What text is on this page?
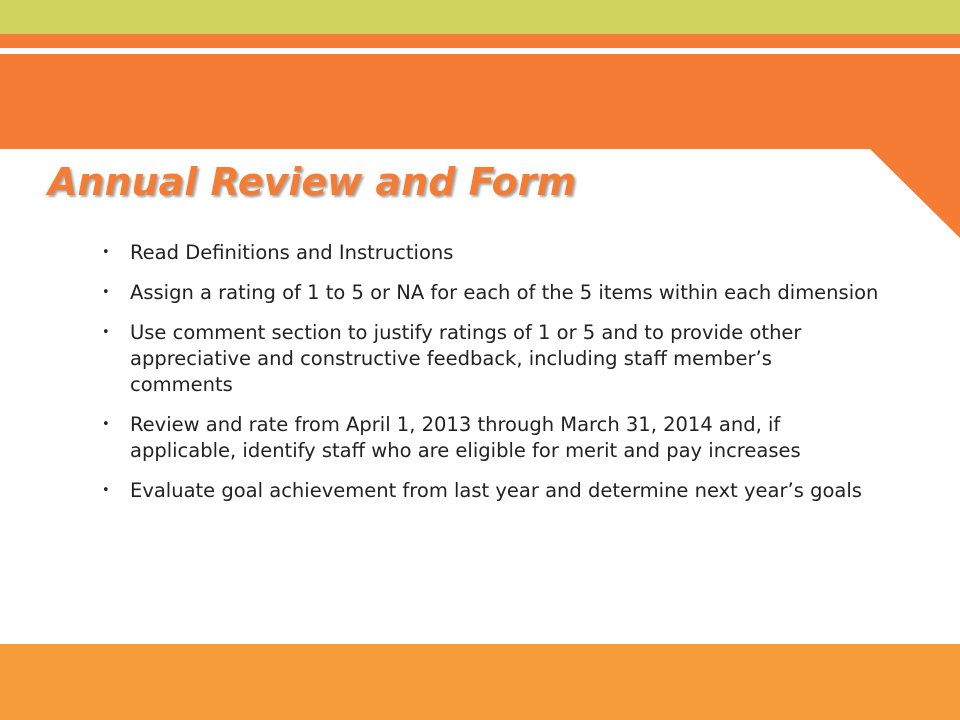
Annual Review and Form
• Read Definitions and Instructions
• Assign a rating of 1 to 5 or NA for each of the 5 items within each dimension
• Use comment section to justify ratings of 1 or 5 and to provide other appreciative and constructive feedback, including staff member’s comments
• Review and rate from April 1, 2013 through March 31, 2014 and, if applicable, identify staff who are eligible for merit and pay increases
• Evaluate goal achievement from last year and determine next year’s goals
